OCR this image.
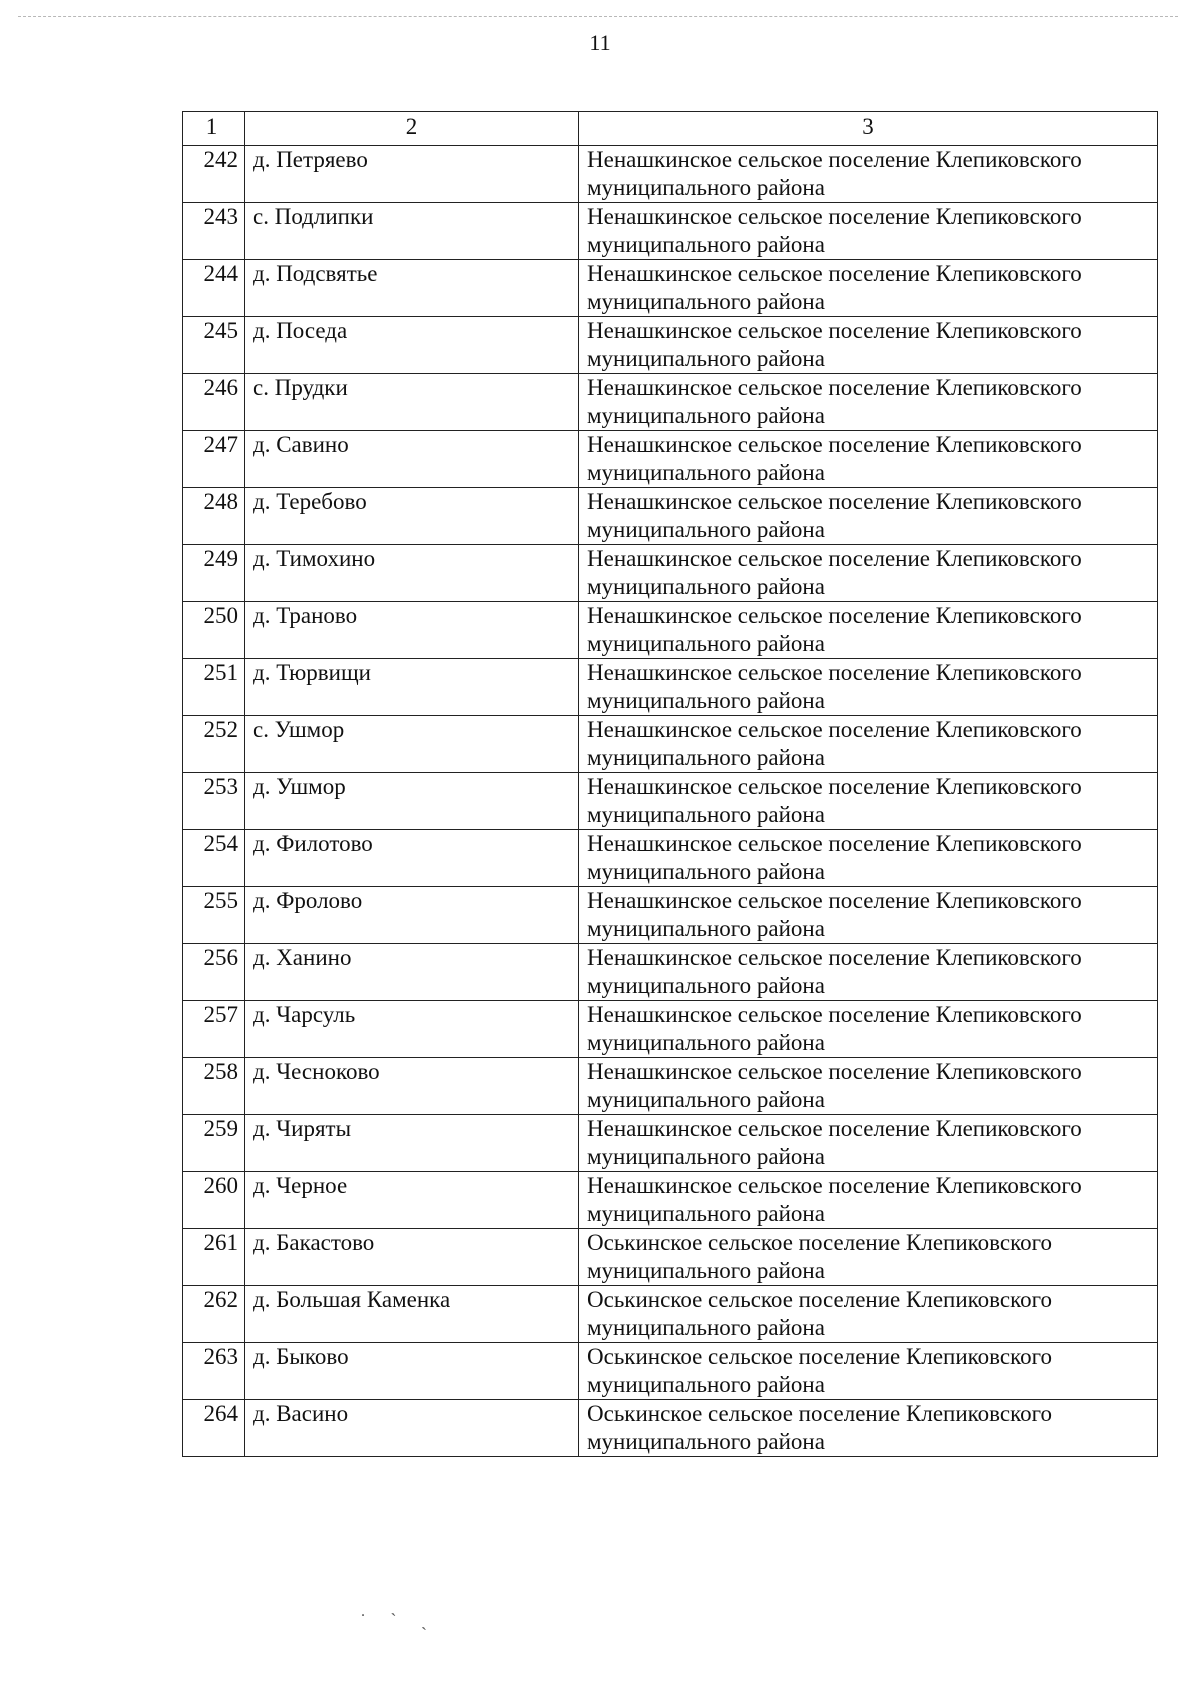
11
1	2	3
242	д. Петряево	Ненашкинское сельское поселение Клепиковского муниципального района
243	с. Подлипки	Ненашкинское сельское поселение Клепиковского муниципального района
244	д. Подсвятье	Ненашкинское сельское поселение Клепиковского муниципального района
245	д. Поседа	Ненашкинское сельское поселение Клепиковского муниципального района
246	с. Прудки	Ненашкинское сельское поселение Клепиковского муниципального района
247	д. Савино	Ненашкинское сельское поселение Клепиковского муниципального района
248	д. Теребово	Ненашкинское сельское поселение Клепиковского муниципального района
249	д. Тимохино	Ненашкинское сельское поселение Клепиковского муниципального района
250	д. Траново	Ненашкинское сельское поселение Клепиковского муниципального района
251	д. Тюрвищи	Ненашкинское сельское поселение Клепиковского муниципального района
252	с. Ушмор	Ненашкинское сельское поселение Клепиковского муниципального района
253	д. Ушмор	Ненашкинское сельское поселение Клепиковского муниципального района
254	д. Филотово	Ненашкинское сельское поселение Клепиковского муниципального района
255	д. Фролово	Ненашкинское сельское поселение Клепиковского муниципального района
256	д. Ханино	Ненашкинское сельское поселение Клепиковского муниципального района
257	д. Чарсуль	Ненашкинское сельское поселение Клепиковского муниципального района
258	д. Чесноково	Ненашкинское сельское поселение Клепиковского муниципального района
259	д. Чиряты	Ненашкинское сельское поселение Клепиковского муниципального района
260	д. Черное	Ненашкинское сельское поселение Клепиковского муниципального района
261	д. Бакастово	Оськинское сельское поселение Клепиковского муниципального района
262	д. Большая Каменка	Оськинское сельское поселение Клепиковского муниципального района
263	д. Быково	Оськинское сельское поселение Клепиковского муниципального района
264	д. Васино	Оськинское сельское поселение Клепиковского муниципального района
˙ ` ˏ
